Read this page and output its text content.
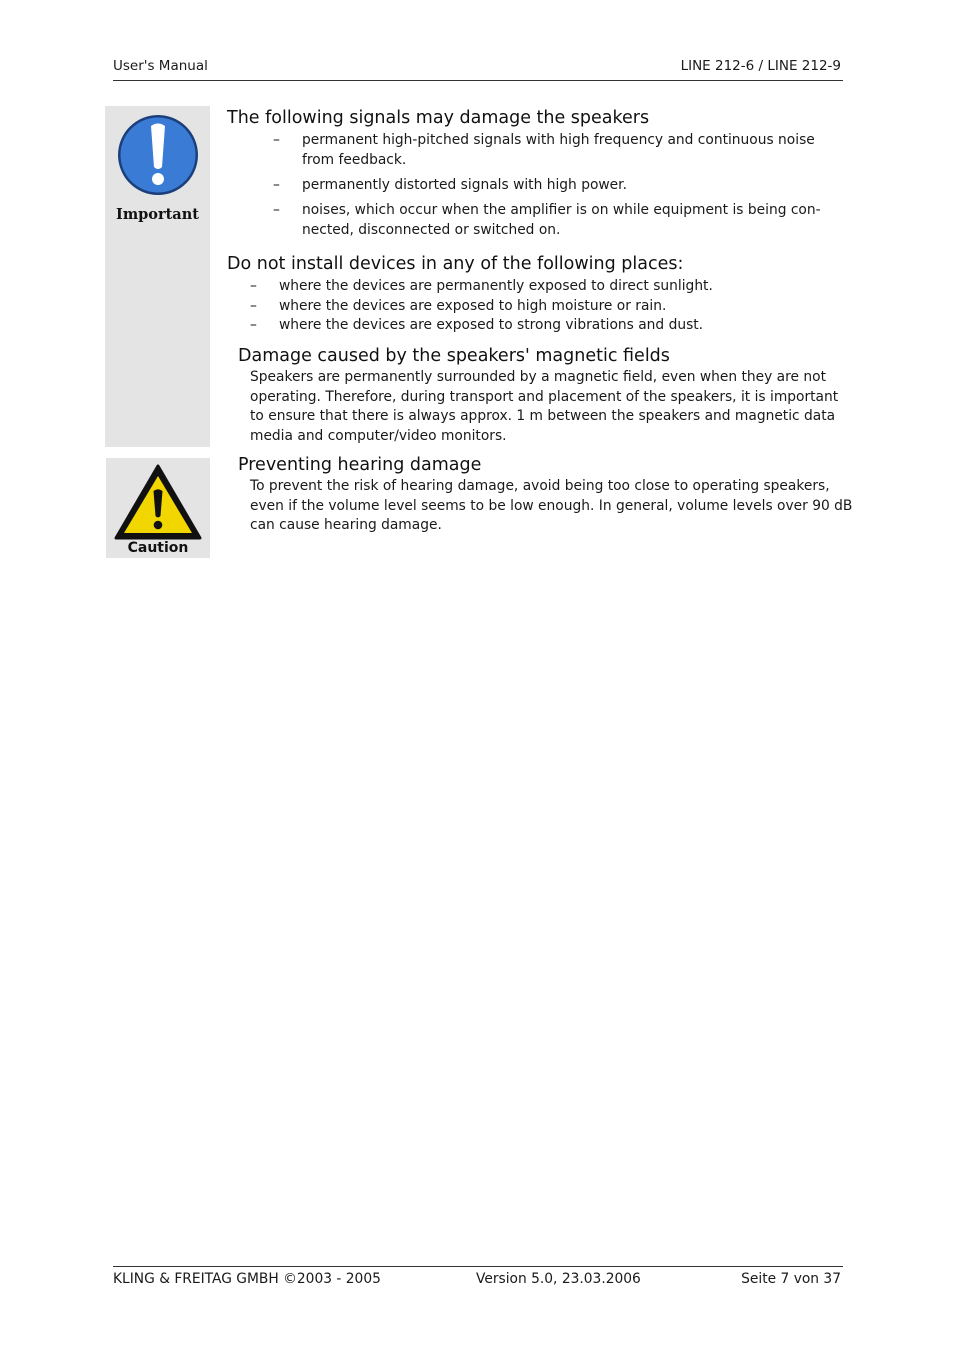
User's Manual	LINE 212-6 / LINE 212-9
Important
Caution
The following signals may damage the speakers
– permanent high-pitched signals with high frequency and continuous noise
from feedback.
– permanently distorted signals with high power.
– noises, which occur when the amplifier is on while equipment is being con-
nected, disconnected or switched on.
Do not install devices in any of the following places:
– where the devices are permanently exposed to direct sunlight.
– where the devices are exposed to high moisture or rain.
– where the devices are exposed to strong vibrations and dust.
Damage caused by the speakers' magnetic fields
Speakers are permanently surrounded by a magnetic field, even when they are not
operating. Therefore, during transport and placement of the speakers, it is important
to ensure that there is always approx. 1 m between the speakers and magnetic data
media and computer/video monitors.
Preventing hearing damage
To prevent the risk of hearing damage, avoid being too close to operating speakers,
even if the volume level seems to be low enough. In general, volume levels over 90 dB
can cause hearing damage.
KLING & FREITAG GMBH ©2003 - 2005	Version 5.0, 23.03.2006	Seite 7 von 37
